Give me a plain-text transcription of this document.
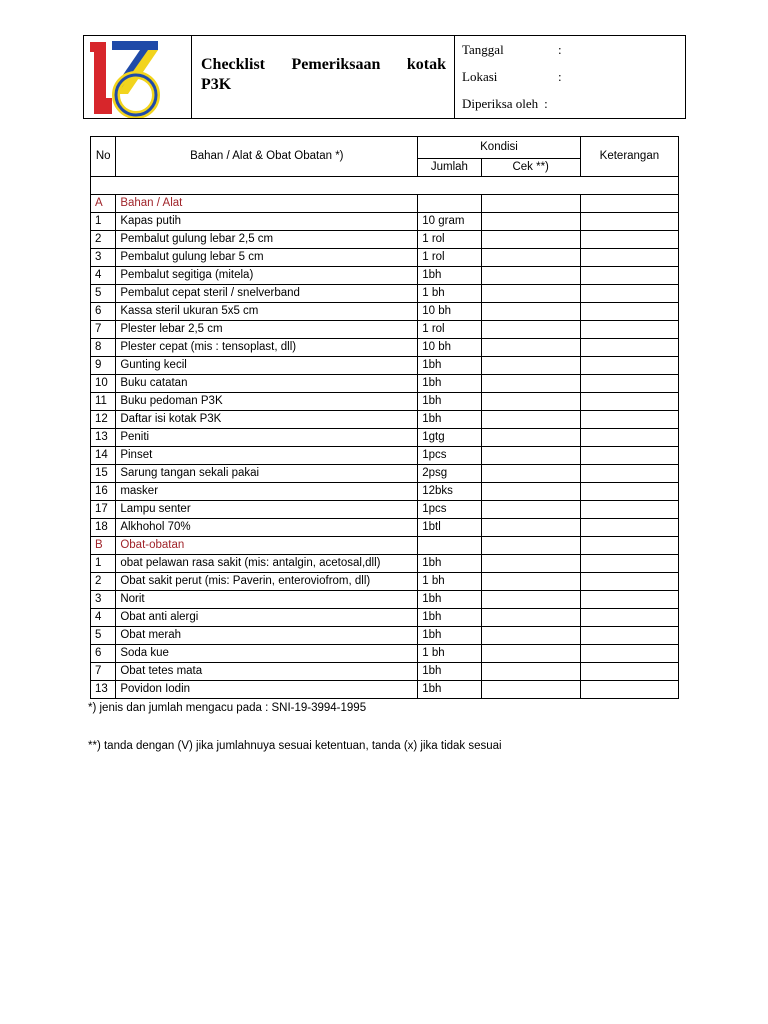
Checklist Pemeriksaan kotak
P3K
Tanggal	:
Lokasi	:
Diperiksa oleh :
No	Bahan / Alat & Obat Obatan *)	Kondisi		Keterangan
		Jumlah	Cek **)	

A	Bahan / Alat			
1	Kapas putih	10 gram		
2	Pembalut gulung lebar 2,5 cm	1 rol		
3	Pembalut gulung lebar 5 cm	1 rol		
4	Pembalut segitiga (mitela)	1bh		
5	Pembalut cepat steril / snelverband	1 bh		
6	Kassa steril ukuran 5x5 cm	10 bh		
7	Plester lebar 2,5 cm	1 rol		
8	Plester cepat (mis : tensoplast, dll)	10 bh		
9	Gunting kecil	1bh		
10	Buku catatan	1bh		
11	Buku pedoman P3K	1bh		
12	Daftar isi kotak P3K	1bh		
13	Peniti	1gtg		
14	Pinset	1pcs		
15	Sarung tangan sekali pakai	2psg		
16	masker	12bks		
17	Lampu senter	1pcs		
18	Alkhohol 70%	1btl		
B	Obat-obatan			
1	obat pelawan rasa sakit (mis: antalgin, acetosal,dll)	1bh		
2	Obat sakit perut (mis: Paverin, enteroviofrom, dll)	1 bh		
3	Norit	1bh		
4	Obat anti alergi	1bh		
5	Obat merah	1bh		
6	Soda kue	1 bh		
7	Obat tetes mata	1bh		
13	Povidon Iodin	1bh		
*) jenis dan jumlah mengacu pada : SNI-19-3994-1995
**) tanda dengan (V) jika jumlahnuya sesuai ketentuan, tanda (x) jika tidak sesuai
